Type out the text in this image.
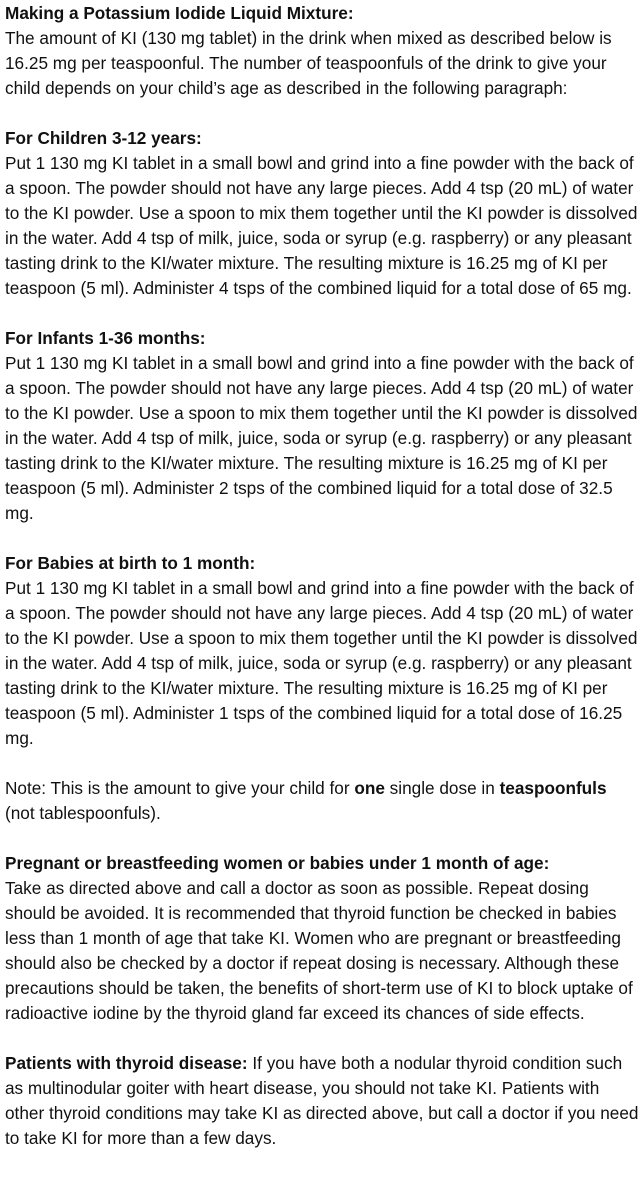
Making a Potassium Iodide Liquid Mixture:

The amount of KI (130 mg tablet) in the drink when mixed as described below is 16.25 mg per teaspoonful. The number of teaspoonfuls of the drink to give your child depends on your child’s age as described in the following paragraph:

For Children 3-12 years:

Put 1 130 mg KI tablet in a small bowl and grind into a fine powder with the back of a spoon. The powder should not have any large pieces. Add 4 tsp (20 mL) of water to the KI powder. Use a spoon to mix them together until the KI powder is dissolved in the water. Add 4 tsp of milk, juice, soda or syrup (e.g. raspberry) or any pleasant tasting drink to the KI/water mixture. The resulting mixture is 16.25 mg of KI per teaspoon (5 ml). Administer 4 tsps of the combined liquid for a total dose of 65 mg.

For Infants 1-36 months:

Put 1 130 mg KI tablet in a small bowl and grind into a fine powder with the back of a spoon. The powder should not have any large pieces. Add 4 tsp (20 mL) of water to the KI powder. Use a spoon to mix them together until the KI powder is dissolved in the water. Add 4 tsp of milk, juice, soda or syrup (e.g. raspberry) or any pleasant tasting drink to the KI/water mixture. The resulting mixture is 16.25 mg of KI per teaspoon (5 ml). Administer 2 tsps of the combined liquid for a total dose of 32.5 mg.

For Babies at birth to 1 month:

Put 1 130 mg KI tablet in a small bowl and grind into a fine powder with the back of a spoon. The powder should not have any large pieces. Add 4 tsp (20 mL) of water to the KI powder. Use a spoon to mix them together until the KI powder is dissolved in the water. Add 4 tsp of milk, juice, soda or syrup (e.g. raspberry) or any pleasant tasting drink to the KI/water mixture. The resulting mixture is 16.25 mg of KI per teaspoon (5 ml). Administer 1 tsps of the combined liquid for a total dose of 16.25 mg.

Note: This is the amount to give your child for one single dose in teaspoonfuls (not tablespoonfuls).

Pregnant or breastfeeding women or babies under 1 month of age:

Take as directed above and call a doctor as soon as possible. Repeat dosing should be avoided. It is recommended that thyroid function be checked in babies less than 1 month of age that take KI. Women who are pregnant or breastfeeding should also be checked by a doctor if repeat dosing is necessary. Although these precautions should be taken, the benefits of short-term use of KI to block uptake of radioactive iodine by the thyroid gland far exceed its chances of side effects.

Patients with thyroid disease: If you have both a nodular thyroid condition such as multinodular goiter with heart disease, you should not take KI. Patients with other thyroid conditions may take KI as directed above, but call a doctor if you need to take KI for more than a few days.
